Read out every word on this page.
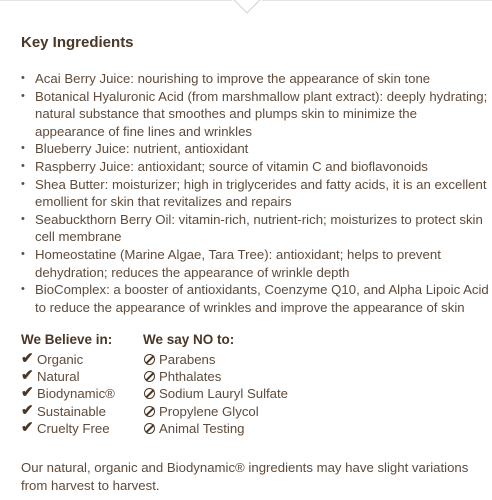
Key Ingredients
• Acai Berry Juice: nourishing to improve the appearance of skin tone
• Botanical Hyaluronic Acid (from marshmallow plant extract): deeply hydrating; natural substance that smoothes and plumps skin to minimize the appearance of fine lines and wrinkles
• Blueberry Juice: nutrient, antioxidant
• Raspberry Juice: antioxidant; source of vitamin C and bioflavonoids
• Shea Butter: moisturizer; high in triglycerides and fatty acids, it is an excellent emollient for skin that revitalizes and repairs
• Seabuckthorn Berry Oil: vitamin-rich, nutrient-rich; moisturizes to protect skin cell membrane
• Homeostatine (Marine Algae, Tara Tree): antioxidant; helps to prevent dehydration; reduces the appearance of wrinkle depth
• BioComplex: a booster of antioxidants, Coenzyme Q10, and Alpha Lipoic Acid to reduce the appearance of wrinkles and improve the appearance of skin
We Believe in:
✔ Organic
✔ Natural
✔ Biodynamic®
✔ Sustainable
✔ Cruelty Free
We say NO to:
Parabens
Phthalates
Sodium Lauryl Sulfate
Propylene Glycol
Animal Testing
Our natural, organic and Biodynamic® ingredients may have slight variations from harvest to harvest.
